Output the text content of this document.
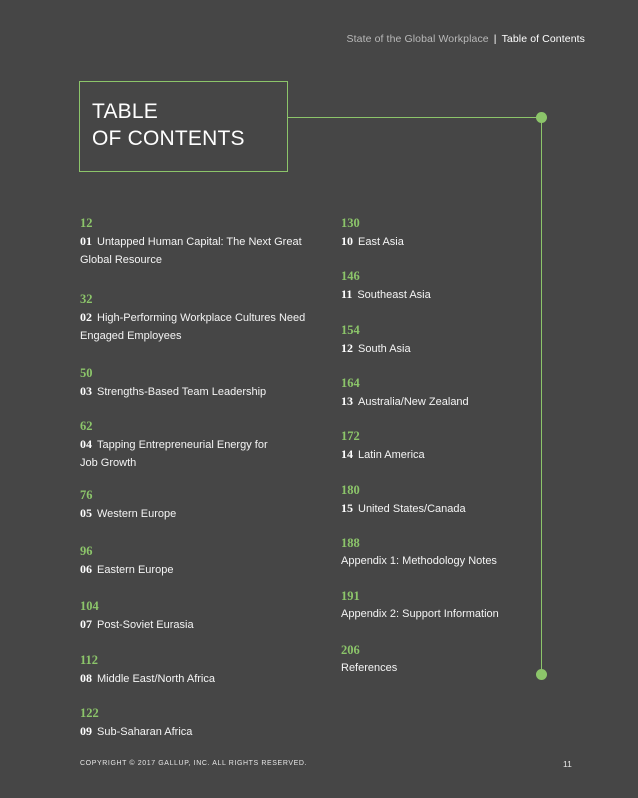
State of the Global Workplace | Table of Contents
TABLE
OF CONTENTS
12
01 Untapped Human Capital: The Next Great
Global Resource
32
02 High-Performing Workplace Cultures Need
Engaged Employees
50
03 Strengths-Based Team Leadership
62
04 Tapping Entrepreneurial Energy for
Job Growth
76
05 Western Europe
96
06 Eastern Europe
104
07 Post-Soviet Eurasia
112
08 Middle East/North Africa
122
09 Sub-Saharan Africa
130
10 East Asia
146
11 Southeast Asia
154
12 South Asia
164
13 Australia/New Zealand
172
14 Latin America
180
15 United States/Canada
188
Appendix 1: Methodology Notes
191
Appendix 2: Support Information
206
References
COPYRIGHT © 2017 GALLUP, INC. ALL RIGHTS RESERVED.	11
